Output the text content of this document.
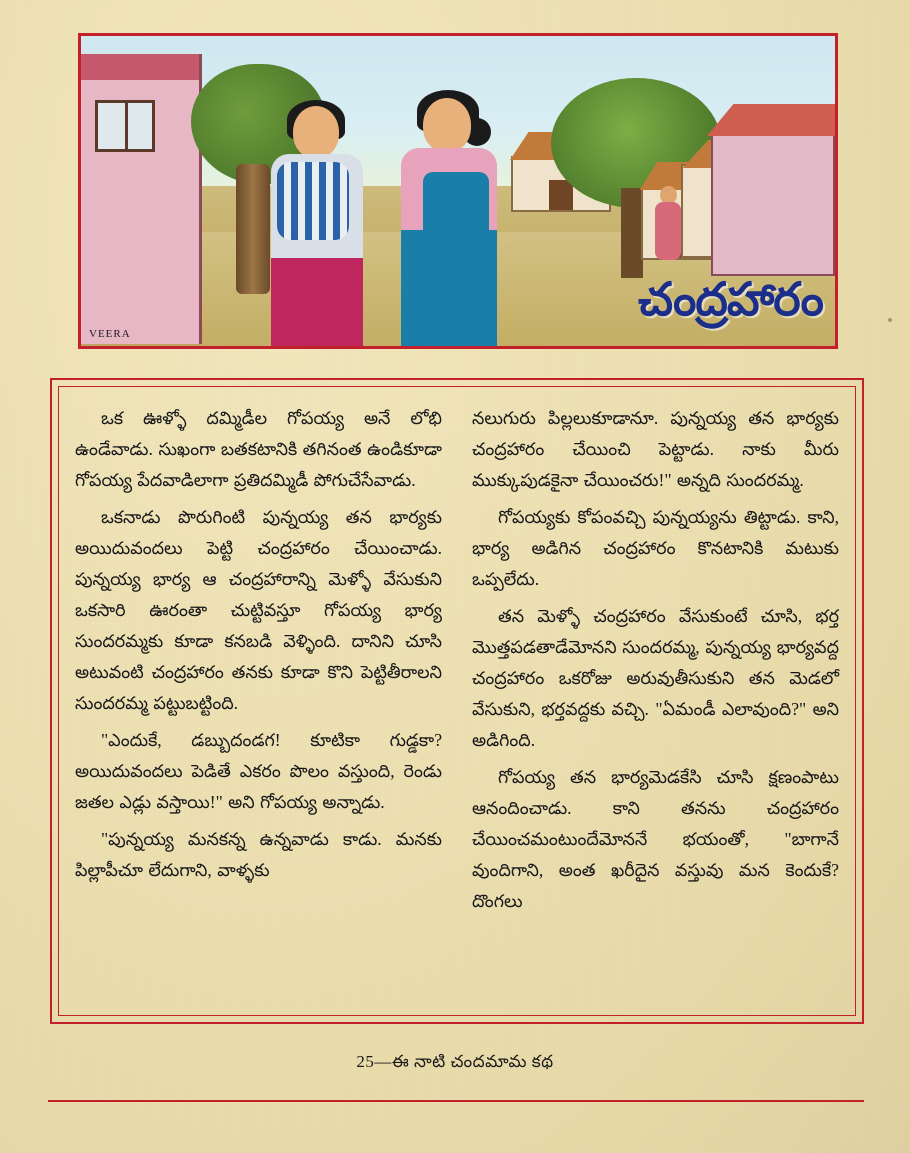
VEERA
చంద్రహారం

ఒక ఊళ్ళో దమ్మిడీల గోపయ్య అనే లోభి ఉండేవాడు. సుఖంగా బతకటానికి తగినంత ఉండికూడా గోపయ్య పేదవాడిలాగా ప్రతిదమ్మిడీ పోగుచేసేవాడు.

ఒకనాడు పొరుగింటి పున్నయ్య తన భార్యకు అయిదువందలు పెట్టి చంద్రహారం చేయించాడు. పున్నయ్య భార్య ఆ చంద్రహారాన్ని మెళ్ళో వేసుకుని ఒకసారి ఊరంతా చుట్టివస్తూ గోపయ్య భార్య సుందరమ్మకు కూడా కనబడి వెళ్ళింది. దానిని చూసి అటువంటి చంద్రహారం తనకు కూడా కొని పెట్టితీరాలని సుందరమ్మ పట్టుబట్టింది.

"ఎందుకే, డబ్బుదండగ! కూటికా గుడ్డకా? అయిదువందలు పెడితే ఎకరం పొలం వస్తుంది, రెండు జతల ఎడ్లు వస్తాయి!" అని గోపయ్య అన్నాడు.

"పున్నయ్య మనకన్న ఉన్నవాడు కాడు. మనకు పిల్లాపీచూ లేదుగాని, వాళ్ళకు

నలుగురు పిల్లలుకూడానూ. పున్నయ్య తన భార్యకు చంద్రహారం చేయించి పెట్టాడు. నాకు మీరు ముక్కుపుడకైనా చేయించరు!" అన్నది సుందరమ్మ.

గోపయ్యకు కోపంవచ్చి పున్నయ్యను తిట్టాడు. కాని, భార్య అడిగిన చంద్రహారం కొనటానికి మటుకు ఒప్పలేదు.

తన మెళ్ళో చంద్రహారం వేసుకుంటే చూసి, భర్త మొత్తపడతాడేమోనని సుందరమ్మ, పున్నయ్య భార్యవద్ద చంద్రహారం ఒకరోజు అరువుతీసుకుని తన మెడలో వేసుకుని, భర్తవద్దకు వచ్చి. "ఏమండీ ఎలావుంది?" అని అడిగింది.

గోపయ్య తన భార్యమెడకేసి చూసి క్షణంపాటు ఆనందించాడు. కాని తనను చంద్రహారం చేయించమంటుందేమోననే భయంతో, "బాగానే వుందిగాని, అంత ఖరీదైన వస్తువు మన కెందుకే? దొంగలు

25—ఈ నాటి చందమామ కథ
